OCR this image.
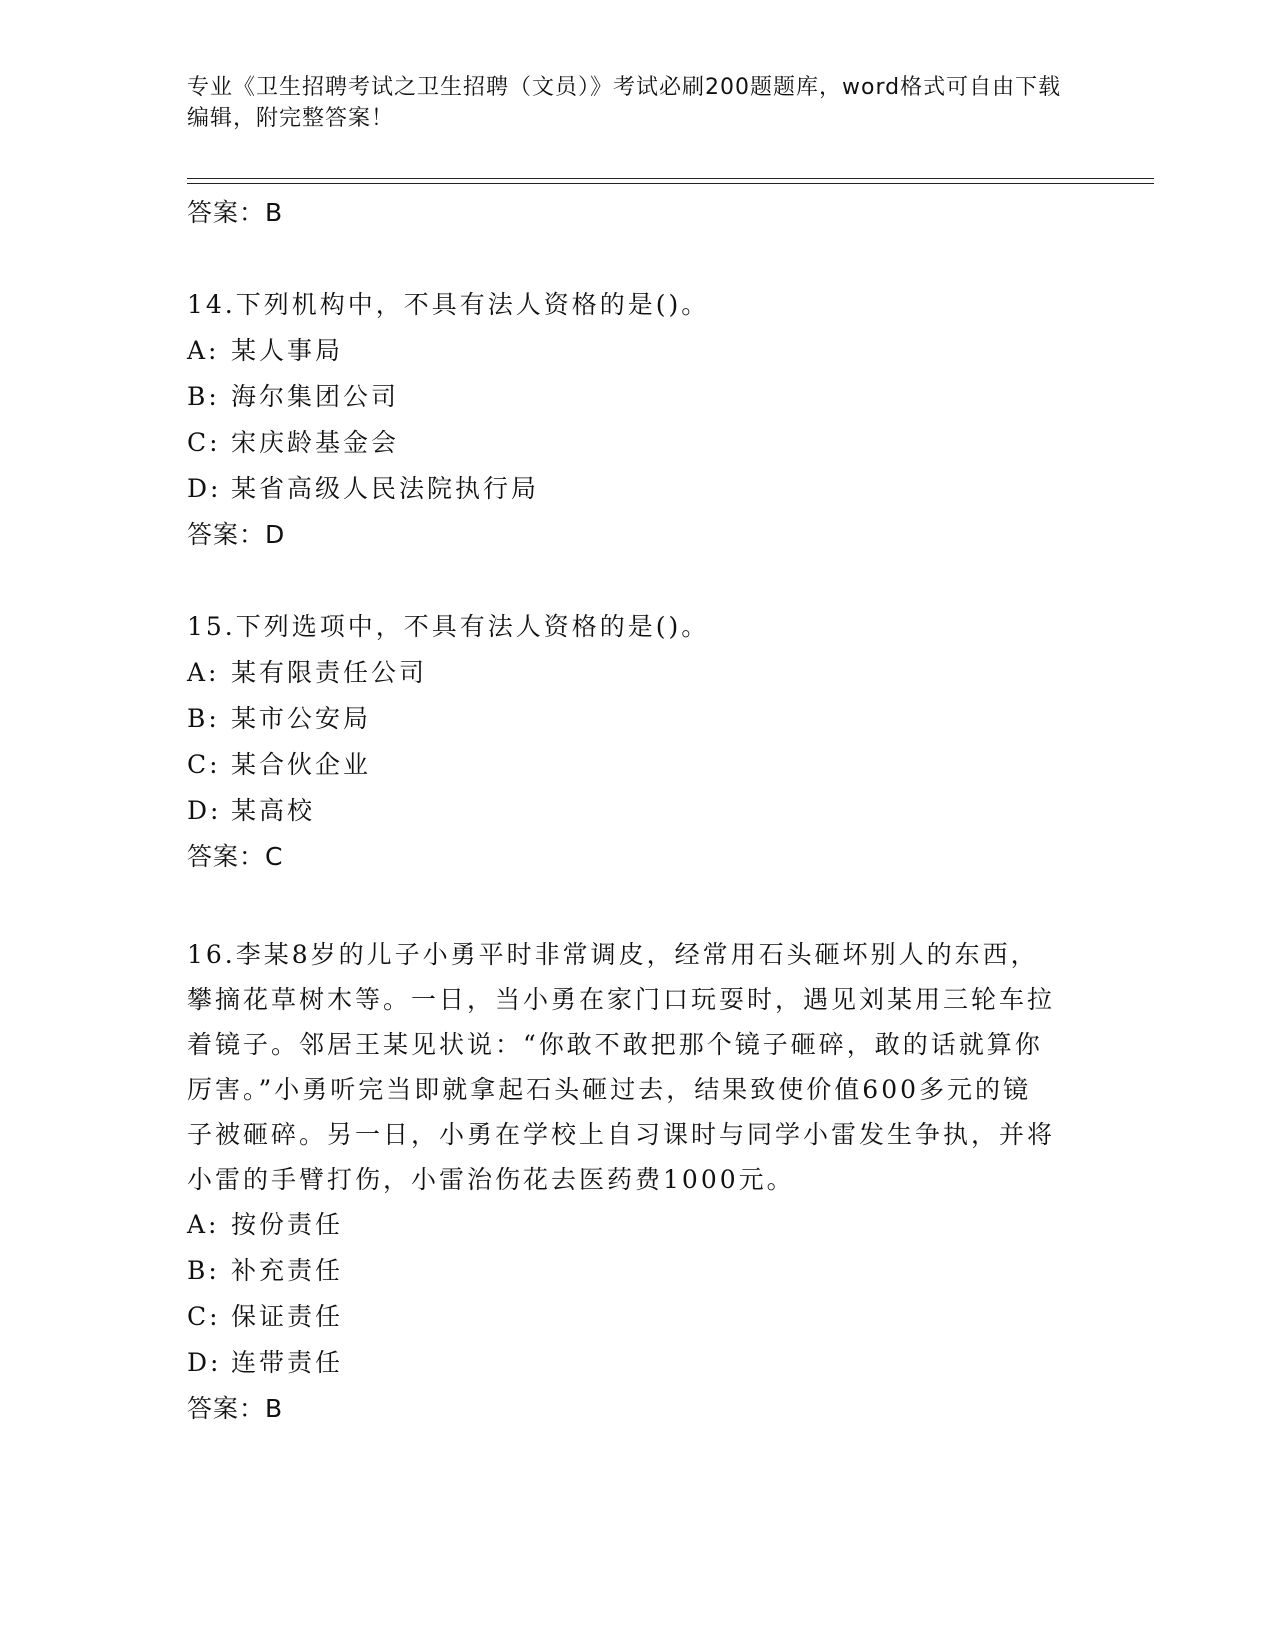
专业《卫生招聘考试之卫生招聘（文员）》考试必刷200题题库，word格式可自由下载编辑，附完整答案！
答案：B
14.下列机构中，不具有法人资格的是()。
A: 某人事局
B: 海尔集团公司
C: 宋庆龄基金会
D: 某省高级人民法院执行局
答案：D
15.下列选项中，不具有法人资格的是()。
A: 某有限责任公司
B: 某市公安局
C: 某合伙企业
D: 某高校
答案：C
16.李某8岁的儿子小勇平时非常调皮，经常用石头砸坏别人的东西，攀摘花草树木等。一日，当小勇在家门口玩耍时，遇见刘某用三轮车拉着镜子。邻居王某见状说：“你敢不敢把那个镜子砸碎，敢的话就算你厉害。”小勇听完当即就拿起石头砸过去，结果致使价值600多元的镜子被砸碎。另一日，小勇在学校上自习课时与同学小雷发生争执，并将小雷的手臂打伤，小雷治伤花去医药费1000元。
A: 按份责任
B: 补充责任
C: 保证责任
D: 连带责任
答案：B
